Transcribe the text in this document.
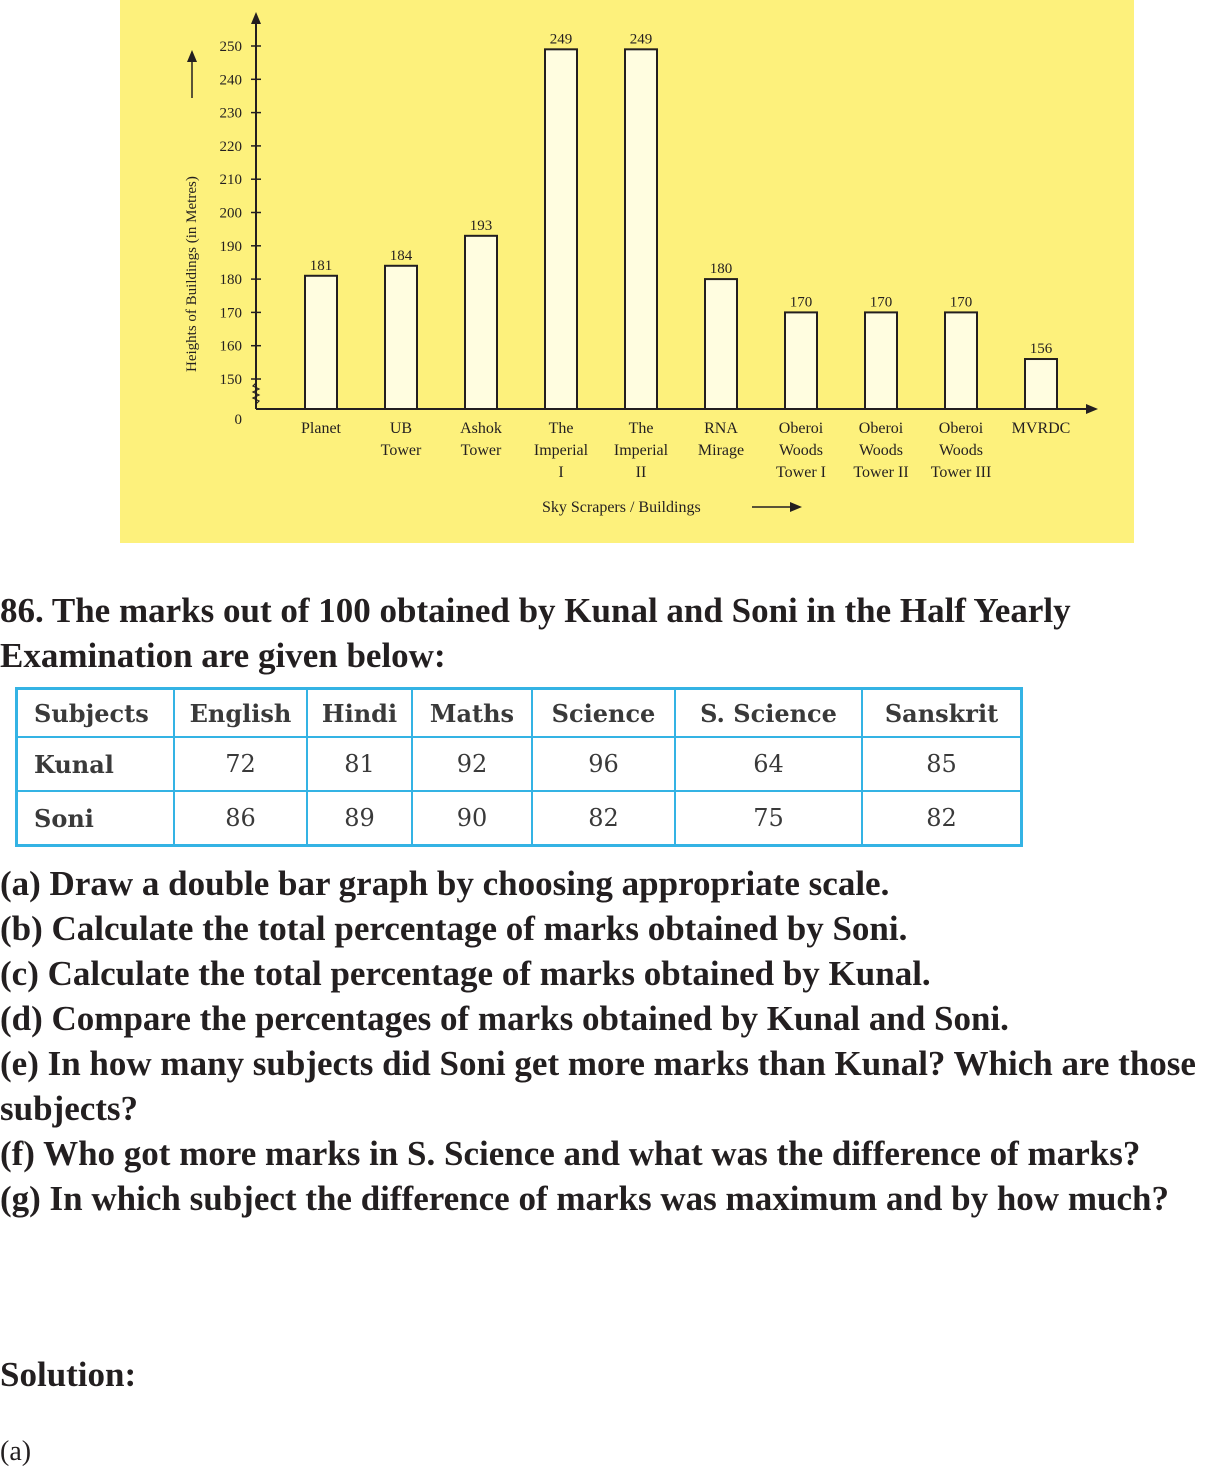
150
160
170
180
190
200
210
220
230
240
250
0
Heights of Buildings (in Metres)	181
Planet
184
UB
Tower
193
Ashok
Tower
249
The
Imperial
I
249
The
Imperial
II
180
RNA
Mirage
170
Oberoi
Woods
Tower I
170
Oberoi
Woods
Tower II
170
Oberoi
Woods
Tower III
156
MVRDC
Sky Scrapers / Buildings
86. The marks out of 100 obtained by Kunal and Soni in the Half Yearly Examination are given below:
Subjects	English	Hindi	Maths	Science	S. Science	Sanskrit
Kunal	72	81	92	96	64	85
Soni	86	89	90	82	75	82
(a) Draw a double bar graph by choosing appropriate scale.
(b) Calculate the total percentage of marks obtained by Soni.
(c) Calculate the total percentage of marks obtained by Kunal.
(d) Compare the percentages of marks obtained by Kunal and Soni.
(e) In how many subjects did Soni get more marks than Kunal? Which are those subjects?
(f) Who got more marks in S. Science and what was the difference of marks?
(g) In which subject the difference of marks was maximum and by how much?
Solution:
(a)
